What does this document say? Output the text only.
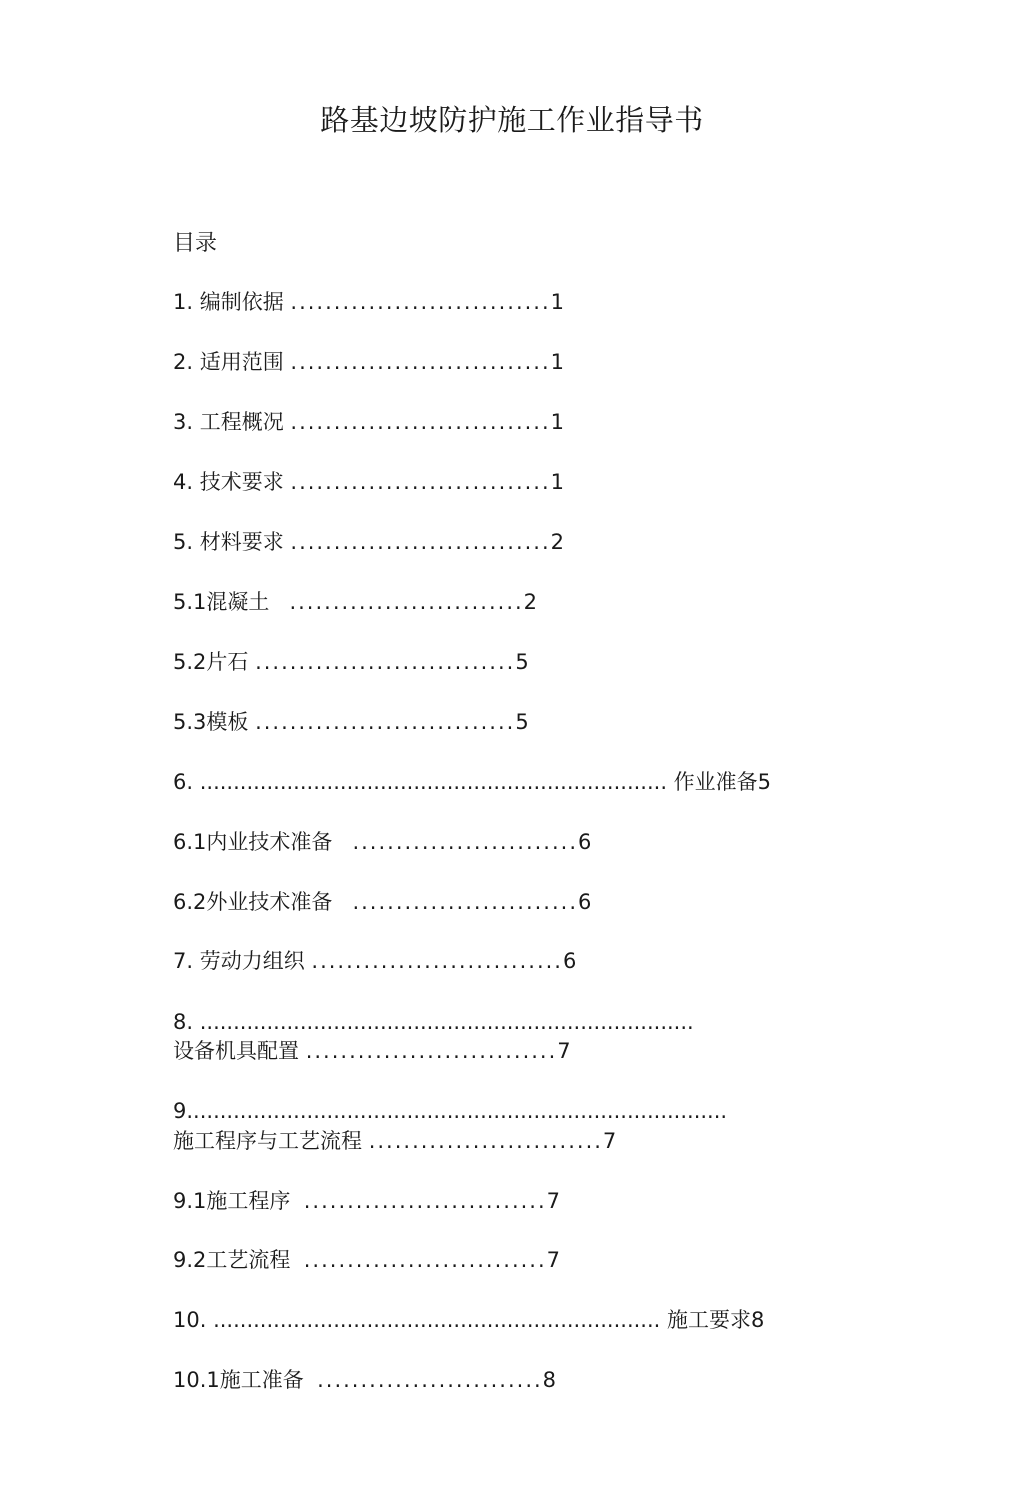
路基边坡防护施工作业指导书
目录
1. 编制依据 ..............................1
2. 适用范围 ..............................1
3. 工程概况 ..............................1
4. 技术要求 ..............................1
5. 材料要求 ..............................2
5.1混凝土   ...........................2
5.2片石 ..............................5
5.3模板 ..............................5
6. ...................................................................... 作业准备5
6.1内业技术准备   ..........................6
6.2外业技术准备   ..........................6
7. 劳动力组织 .............................6
8. ..........................................................................
设备机具配置 .............................7
9.................................................................................
施工程序与工艺流程 ...........................7
9.1施工程序  ............................7
9.2工艺流程  ............................7
10. ................................................................... 施工要求8
10.1施工准备  ..........................8
